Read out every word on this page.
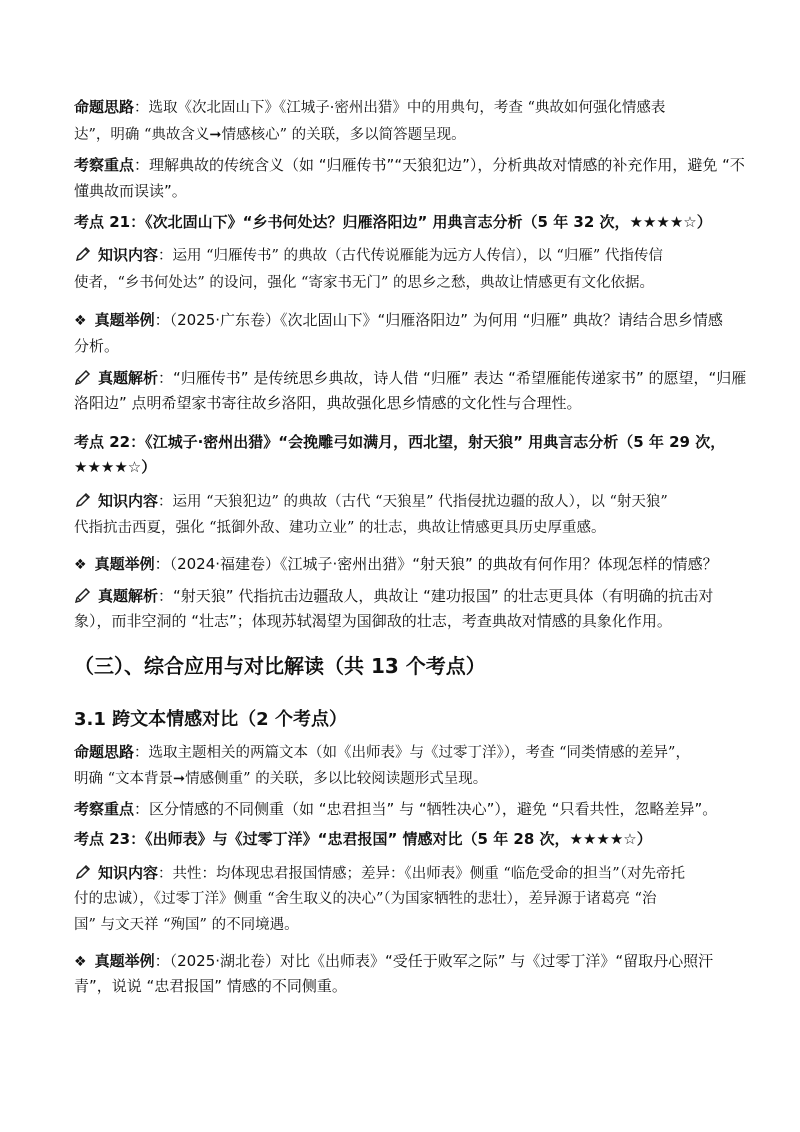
命题思路：选取《次北固山下》《江城子·密州出猎》中的用典句，考查 “典故如何强化情感表
达”，明确 “典故含义➞情感核心” 的关联，多以简答题呈现。
考察重点：理解典故的传统含义（如 “归雁传书”“天狼犯边”），分析典故对情感的补充作用，避免 “不
懂典故而误读”。
考点 21：《次北固山下》“乡书何处达？归雁洛阳边” 用典言志分析（5 年 32 次，★★★★☆）
知识内容：运用 “归雁传书” 的典故（古代传说雁能为远方人传信），以 “归雁” 代指传信
使者，“乡书何处达” 的设问，强化 “寄家书无门” 的思乡之愁，典故让情感更有文化依据。
❖ 真题举例：（2025·广东卷）《次北固山下》“归雁洛阳边” 为何用 “归雁” 典故？请结合思乡情感
分析。
真题解析：“归雁传书” 是传统思乡典故，诗人借 “归雁” 表达 “希望雁能传递家书” 的愿望，“归雁
洛阳边” 点明希望家书寄往故乡洛阳，典故强化思乡情感的文化性与合理性。
考点 22：《江城子·密州出猎》“会挽雕弓如满月，西北望，射天狼” 用典言志分析（5 年 29 次，
★★★★☆）
知识内容：运用 “天狼犯边” 的典故（古代 “天狼星” 代指侵扰边疆的敌人），以 “射天狼”
代指抗击西夏，强化 “抵御外敌、建功立业” 的壮志，典故让情感更具历史厚重感。
❖ 真题举例：（2024·福建卷）《江城子·密州出猎》“射天狼” 的典故有何作用？体现怎样的情感？
真题解析：“射天狼” 代指抗击边疆敌人，典故让 “建功报国” 的壮志更具体（有明确的抗击对
象），而非空洞的 “壮志”；体现苏轼渴望为国御敌的壮志，考查典故对情感的具象化作用。
（三）、综合应用与对比解读（共 13 个考点）
3.1 跨文本情感对比（2 个考点）
命题思路：选取主题相关的两篇文本（如《出师表》与《过零丁洋》），考查 “同类情感的差异”，
明确 “文本背景➞情感侧重” 的关联，多以比较阅读题形式呈现。
考察重点：区分情感的不同侧重（如 “忠君担当” 与 “牺牲决心”），避免 “只看共性，忽略差异”。
考点 23：《出师表》与《过零丁洋》“忠君报国” 情感对比（5 年 28 次，★★★★☆）
知识内容：共性：均体现忠君报国情感；差异：《出师表》侧重 “临危受命的担当”（对先帝托
付的忠诚），《过零丁洋》侧重 “舍生取义的决心”（为国家牺牲的悲壮），差异源于诸葛亮 “治
国” 与文天祥 “殉国” 的不同境遇。
❖ 真题举例：（2025·湖北卷）对比《出师表》“受任于败军之际” 与《过零丁洋》“留取丹心照汗
青”，说说 “忠君报国” 情感的不同侧重。
